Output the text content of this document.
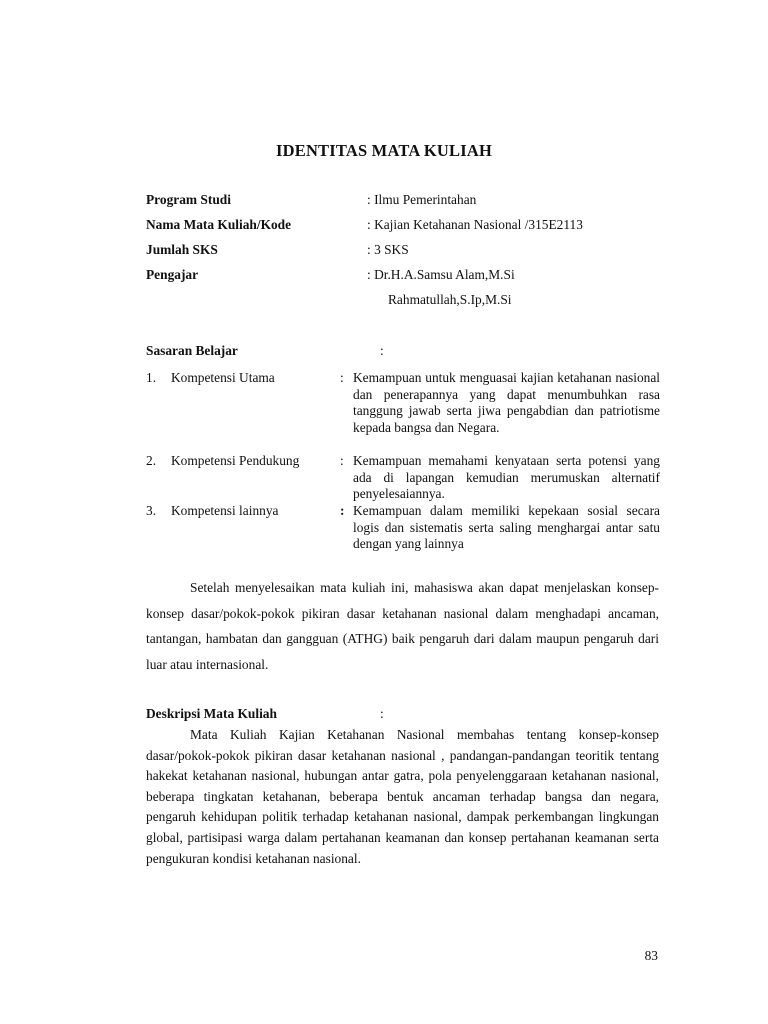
IDENTITAS MATA KULIAH
Program Studi	: Ilmu Pemerintahan
Nama Mata Kuliah/Kode	: Kajian Ketahanan Nasional /315E2113
Jumlah SKS	: 3 SKS
Pengajar	: Dr.H.A.Samsu Alam,M.Si
Rahmatullah,S.Ip,M.Si
Sasaran Belajar	:
1. Kompetensi Utama	: Kemampuan untuk menguasai kajian ketahanan nasional dan penerapannya yang dapat menumbuhkan rasa tanggung jawab serta jiwa pengabdian dan patriotisme kepada bangsa dan Negara.
2. Kompetensi Pendukung	: Kemampuan memahami kenyataan serta potensi yang ada di lapangan kemudian merumuskan alternatif penyelesaiannya.
3. Kompetensi lainnya	: Kemampuan dalam memiliki kepekaan sosial secara logis dan sistematis serta saling menghargai antar satu dengan yang lainnya
Setelah menyelesaikan mata kuliah ini, mahasiswa akan dapat menjelaskan konsep-konsep dasar/pokok-pokok pikiran dasar ketahanan nasional dalam menghadapi ancaman, tantangan, hambatan dan gangguan (ATHG) baik pengaruh dari dalam maupun pengaruh dari luar atau internasional.
Deskripsi Mata Kuliah	:
Mata Kuliah Kajian Ketahanan Nasional membahas tentang konsep-konsep dasar/pokok-pokok pikiran dasar ketahanan nasional , pandangan-pandangan teoritik tentang hakekat ketahanan nasional, hubungan antar gatra, pola penyelenggaraan ketahanan nasional, beberapa tingkatan ketahanan, beberapa bentuk ancaman terhadap bangsa dan negara, pengaruh kehidupan politik terhadap ketahanan nasional, dampak perkembangan lingkungan global, partisipasi warga dalam pertahanan keamanan dan konsep pertahanan keamanan serta pengukuran kondisi ketahanan nasional.
83
